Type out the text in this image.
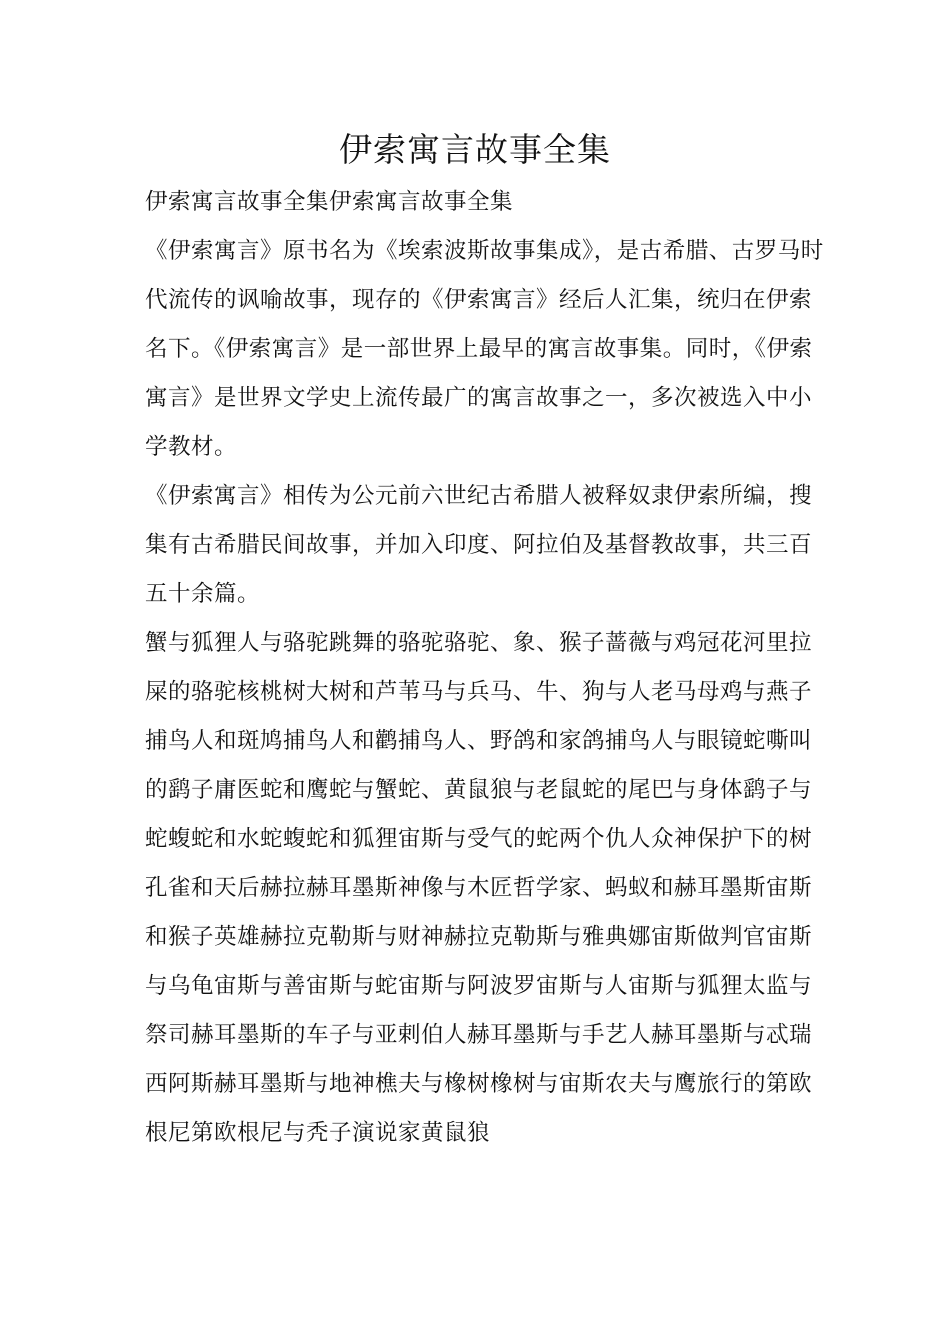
伊索寓言故事全集

伊索寓言故事全集伊索寓言故事全集

《伊索寓言》原书名为《埃索波斯故事集成》，是古希腊、古罗马时代流传的讽喻故事，现存的《伊索寓言》经后人汇集，统归在伊索名下。《伊索寓言》是一部世界上最早的寓言故事集。同时，《伊索寓言》是世界文学史上流传最广的寓言故事之一，多次被选入中小学教材。

《伊索寓言》相传为公元前六世纪古希腊人被释奴隶伊索所编，搜集有古希腊民间故事，并加入印度、阿拉伯及基督教故事，共三百五十余篇。

蟹与狐狸人与骆驼跳舞的骆驼骆驼、象、猴子蔷薇与鸡冠花河里拉屎的骆驼核桃树大树和芦苇马与兵马、牛、狗与人老马母鸡与燕子捕鸟人和斑鸠捕鸟人和鹳捕鸟人、野鸽和家鸽捕鸟人与眼镜蛇嘶叫的鹞子庸医蛇和鹰蛇与蟹蛇、黄鼠狼与老鼠蛇的尾巴与身体鹞子与蛇蝮蛇和水蛇蝮蛇和狐狸宙斯与受气的蛇两个仇人众神保护下的树孔雀和天后赫拉赫耳墨斯神像与木匠哲学家、蚂蚁和赫耳墨斯宙斯和猴子英雄赫拉克勒斯与财神赫拉克勒斯与雅典娜宙斯做判官宙斯与乌龟宙斯与善宙斯与蛇宙斯与阿波罗宙斯与人宙斯与狐狸太监与祭司赫耳墨斯的车子与亚剌伯人赫耳墨斯与手艺人赫耳墨斯与忒瑞西阿斯赫耳墨斯与地神樵夫与橡树橡树与宙斯农夫与鹰旅行的第欧根尼第欧根尼与秃子演说家黄鼠狼
